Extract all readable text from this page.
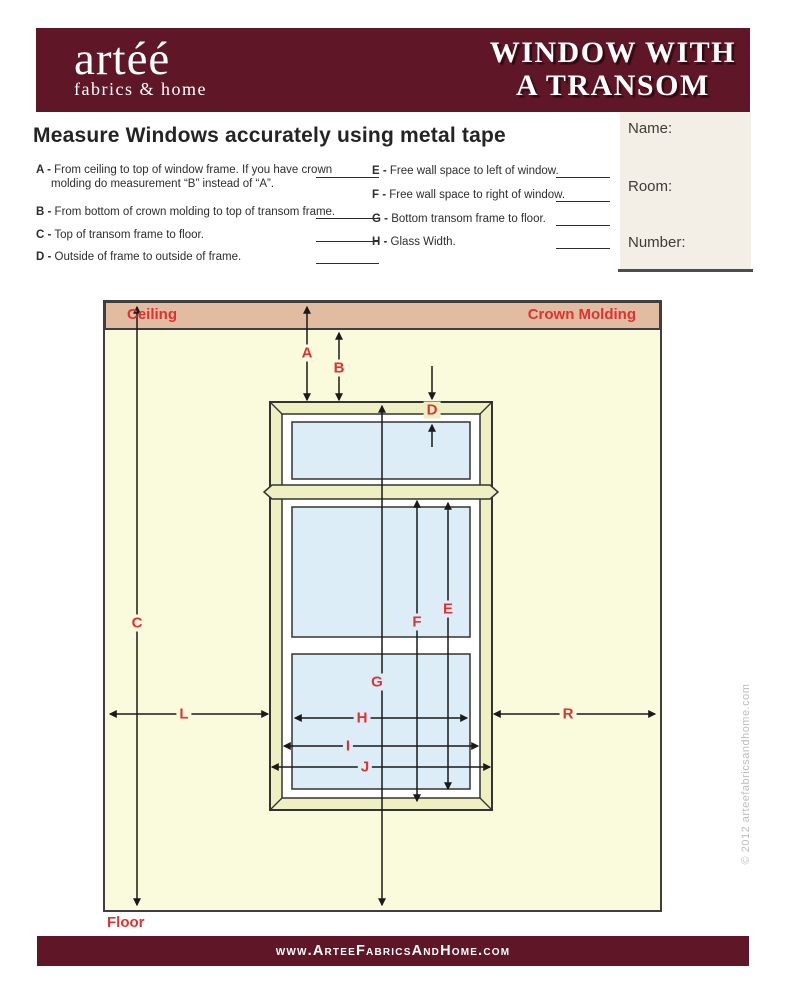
artéé
fabrics & home
WINDOW WITH
A TRANSOM
Measure Windows accurately using metal tape
A - From ceiling to top of window frame. If you have crown molding do measurement “B” instead of “A”.
B - From bottom of crown molding to top of transom frame.
C - Top of transom frame to floor.
D - Outside of frame to outside of frame.
E - Free wall space to left of window.
F - Free wall space to right of window.
G - Bottom transom frame to floor.
H - Glass Width.
Name:
Room:
Number:
Ceiling	Crown Molding
A
B
C
D
E
F
G
H
I
J
L	R
Floor
www.ArteeFabricsAndHome.com
© 2012 arteefabricsandhome.com
